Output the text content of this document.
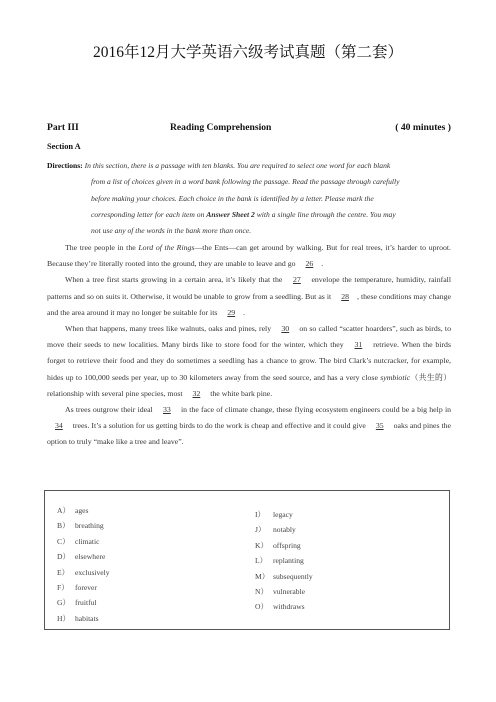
2016年12月大学英语六级考试真题（第二套）
Part III	Reading Comprehension	( 40 minutes )
Section A
Directions: In this section, there is a passage with ten blanks. You are required to select one word for each blank
from a list of choices given in a word bank following the passage. Read the passage through carefully
before making your choices. Each choice in the bank is identified by a letter. Please mark the
corresponding letter for each item on Answer Sheet 2 with a single line through the centre. You may
not use any of the words in the bank more than once.

The tree people in the Lord of the Rings—the Ents—can get around by walking. But for real trees, it’s harder to uproot. Because they’re literally rooted into the ground, they are unable to leave and go 26 .

When a tree first starts growing in a certain area, it’s likely that the 27 envelope the temperature, humidity, rainfall patterns and so on suits it. Otherwise, it would be unable to grow from a seedling. But as it 28 , these conditions may change and the area around it may no longer be suitable for its 29 .

When that happens, many trees like walnuts, oaks and pines, rely 30 on so called “scatter hoarders”, such as birds, to move their seeds to new localities. Many birds like to store food for the winter, which they 31 retrieve. When the birds forget to retrieve their food and they do sometimes a seedling has a chance to grow. The bird Clark’s nutcracker, for example, hides up to 100,000 seeds per year, up to 30 kilometers away from the seed source, and has a very close symbiotic（共生的） relationship with several pine species, most 32 the white bark pine.

As trees outgrow their ideal 33 in the face of climate change, these flying ecosystem engineers could be a big help in 34 trees. It’s a solution for us getting birds to do the work is cheap and effective and it could give 35 oaks and pines the option to truly “make like a tree and leave”.

A） ages
B） breathing
C） climatic
D） elsewhere
E） exclusively
F） forever
G） fruitful
H） habitats
I） legacy
J） notably
K） offspring
L） replanting
M） subsequently
N） vulnerable
O） withdraws
